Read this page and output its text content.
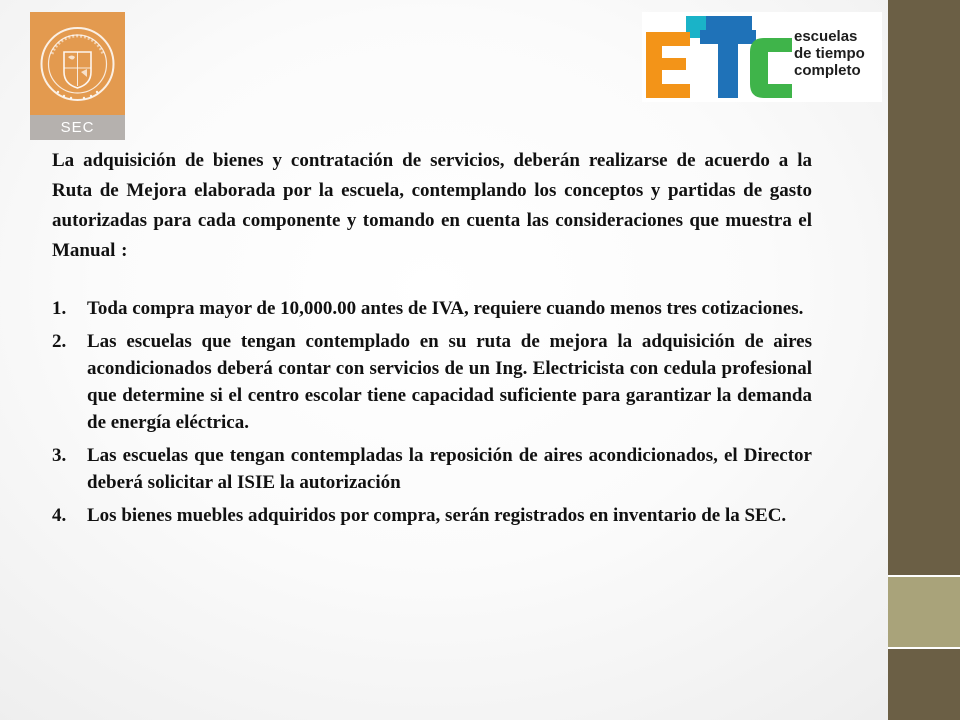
SEC
escuelas
de tiempo
completo

La adquisición de bienes y contratación de servicios, deberán realizarse de acuerdo a la Ruta de Mejora elaborada por la escuela, contemplando los conceptos y partidas de gasto autorizadas para cada componente y tomando en cuenta las consideraciones que muestra el Manual :

1. Toda compra mayor de 10,000.00 antes de IVA, requiere cuando menos tres cotizaciones.
2. Las escuelas que tengan contemplado en su ruta de mejora la adquisición de aires acondicionados deberá contar con servicios de un Ing. Electricista con cedula profesional que determine si el centro escolar tiene capacidad suficiente para garantizar la demanda de energía eléctrica.
3. Las escuelas que tengan contempladas la reposición de aires acondicionados, el Director deberá solicitar al ISIE la autorización
4. Los bienes muebles adquiridos por compra, serán registrados en inventario de la SEC.
